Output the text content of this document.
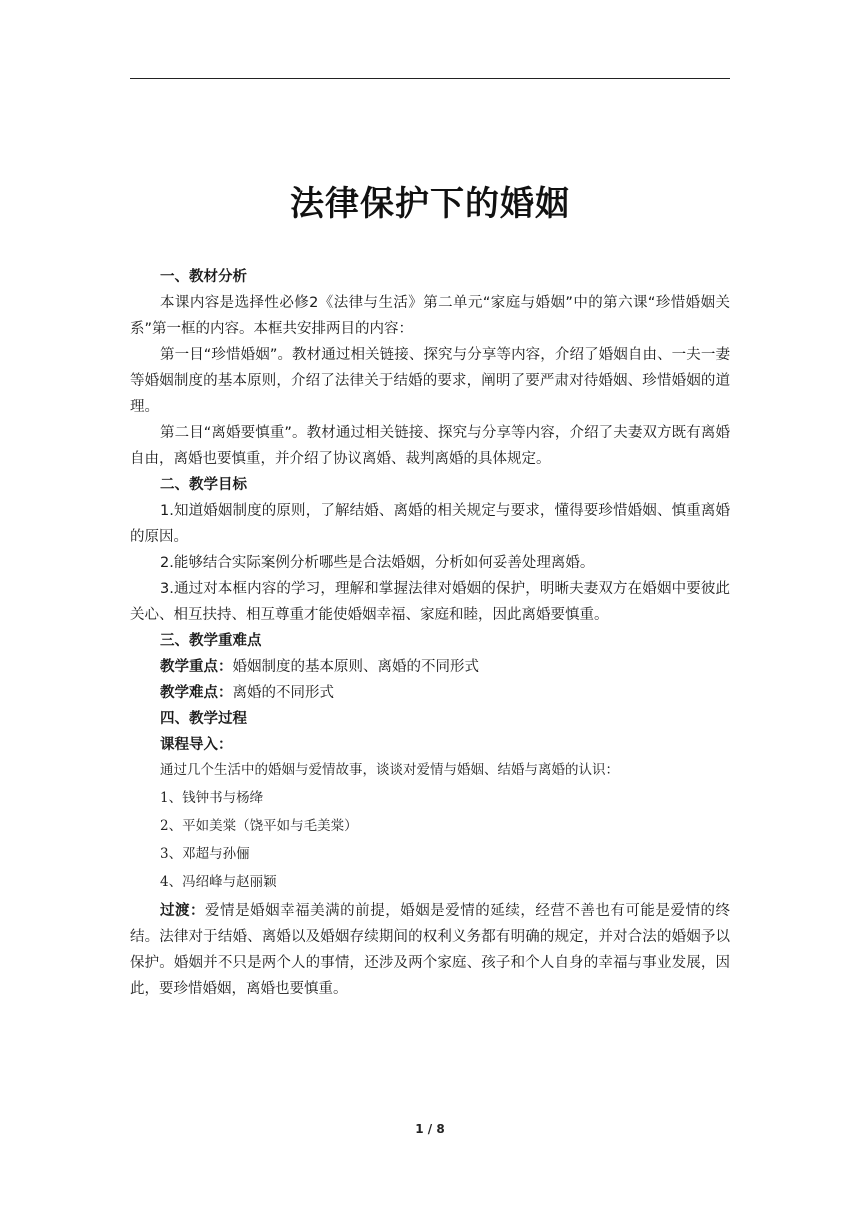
法律保护下的婚姻

一、教材分析

本课内容是选择性必修2《法律与生活》第二单元“家庭与婚姻”中的第六课“珍惜婚姻关系”第一框的内容。本框共安排两目的内容：

第一目“珍惜婚姻”。教材通过相关链接、探究与分享等内容，介绍了婚姻自由、一夫一妻等婚姻制度的基本原则，介绍了法律关于结婚的要求，阐明了要严肃对待婚姻、珍惜婚姻的道理。

第二目“离婚要慎重”。教材通过相关链接、探究与分享等内容，介绍了夫妻双方既有离婚自由，离婚也要慎重，并介绍了协议离婚、裁判离婚的具体规定。

二、教学目标

1.知道婚姻制度的原则，了解结婚、离婚的相关规定与要求，懂得要珍惜婚姻、慎重离婚的原因。

2.能够结合实际案例分析哪些是合法婚姻，分析如何妥善处理离婚。

3.通过对本框内容的学习，理解和掌握法律对婚姻的保护，明晰夫妻双方在婚姻中要彼此关心、相互扶持、相互尊重才能使婚姻幸福、家庭和睦，因此离婚要慎重。

三、教学重难点

教学重点：婚姻制度的基本原则、离婚的不同形式

教学难点：离婚的不同形式

四、教学过程

课程导入：

通过几个生活中的婚姻与爱情故事，谈谈对爱情与婚姻、结婚与离婚的认识：

1、钱钟书与杨绛

2、平如美棠（饶平如与毛美棠）

3、邓超与孙俪

4、冯绍峰与赵丽颖

过渡：爱情是婚姻幸福美满的前提，婚姻是爱情的延续，经营不善也有可能是爱情的终结。法律对于结婚、离婚以及婚姻存续期间的权利义务都有明确的规定，并对合法的婚姻予以保护。婚姻并不只是两个人的事情，还涉及两个家庭、孩子和个人自身的幸福与事业发展，因此，要珍惜婚姻，离婚也要慎重。

1 / 8
